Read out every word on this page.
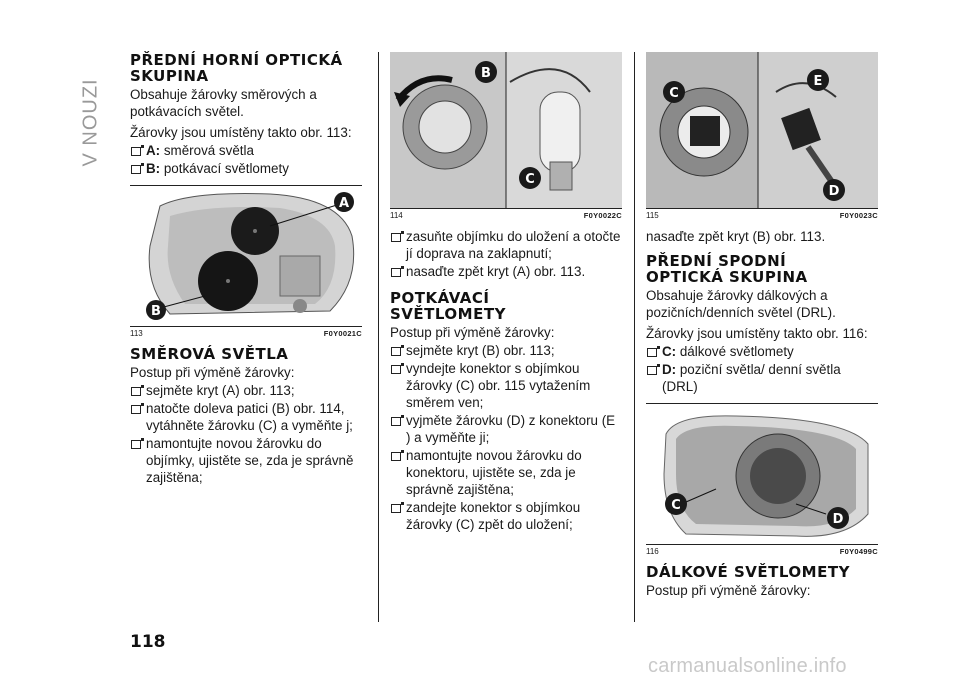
V NOUZI
PŘEDNÍ HORNÍ OPTICKÁ
SKUPINA

Obsahuje žárovky směrových a potkávacích světel.

Žárovky jsou umístěny takto obr. 113:

A: směrová světla
B: potkávací světlomety
A
B
113	F0Y0021C
SMĚROVÁ SVĚTLA

Postup při výměně žárovky:

sejměte kryt (A) obr. 113;
natočte doleva patici (B) obr. 114, vytáhněte žárovku (C) a vyměňte j;
namontujte novou žárovku do objímky, ujistěte se, zda je správně zajištěna;
B
C
114	F0Y0022C
zasuňte objímku do uložení a otočte jí doprava na zaklapnutí;
nasaďte zpět kryt (A) obr. 113.
POTKÁVACÍ
SVĚTLOMETY

Postup při výměně žárovky:

sejměte kryt (B) obr. 113;
vyndejte konektor s objímkou žárovky (C) obr. 115 vytažením směrem ven;
vyjměte žárovku (D) z konektoru (E ) a vyměňte ji;
namontujte novou žárovku do konektoru, ujistěte se, zda je správně zajištěna;
zandejte konektor s objímkou žárovky (C) zpět do uložení;
C
E
D
115	F0Y0023C

nasaďte zpět kryt (B) obr. 113.

PŘEDNÍ SPODNÍ
OPTICKÁ SKUPINA

Obsahuje žárovky dálkových a pozičních/denních světel (DRL).

Žárovky jsou umístěny takto obr. 116:

C: dálkové světlomety
D: poziční světla/ denní světla (DRL)
C
D
116	F0Y0499C
DÁLKOVÉ SVĚTLOMETY

Postup při výměně žárovky:

118
carmanualsonline.info
